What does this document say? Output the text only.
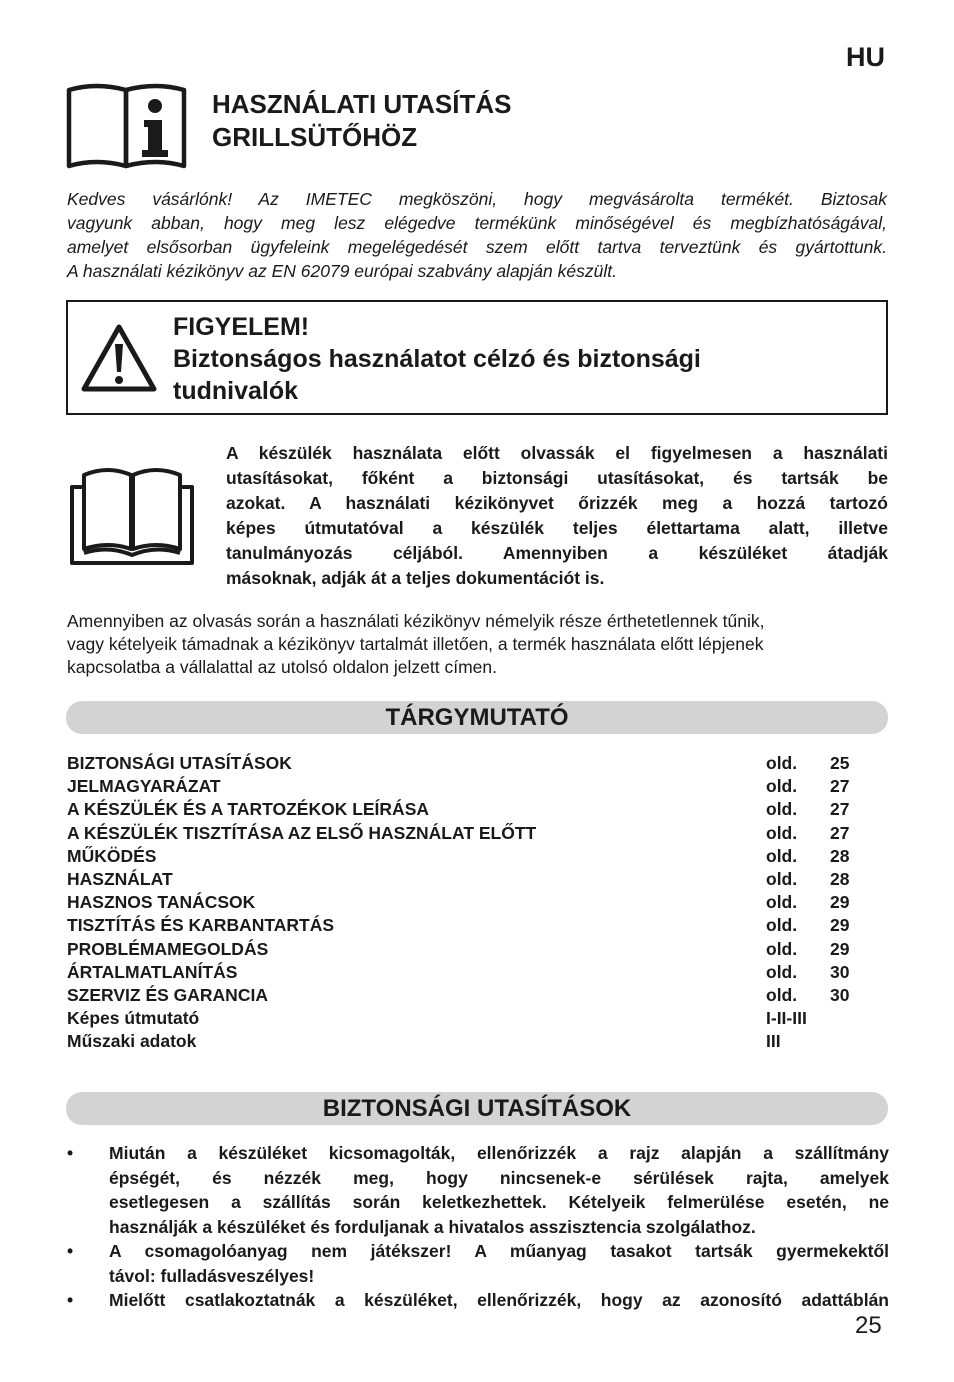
HU
HASZNÁLATI UTASÍTÁS
GRILLSÜTŐHÖZ
Kedves vásárlónk! Az IMETEC megköszöni, hogy megvásárolta termékét. Biztosak
vagyunk abban, hogy meg lesz elégedve termékünk minőségével és megbízhatóságával,
amelyet elsősorban ügyfeleink megelégedését szem előtt tartva terveztünk és gyártottunk.
A használati kézikönyv az EN 62079 európai szabvány alapján készült.
FIGYELEM!
Biztonságos használatot célzó és biztonsági
tudnivalók
A készülék használata előtt olvassák el figyelmesen a használati
utasításokat, főként a biztonsági utasításokat, és tartsák be
azokat. A használati kézikönyvet őrizzék meg a hozzá tartozó
képes útmutatóval a készülék teljes élettartama alatt, illetve
tanulmányozás céljából. Amennyiben a készüléket átadják
másoknak, adják át a teljes dokumentációt is.
Amennyiben az olvasás során a használati kézikönyv némelyik része érthetetlennek tűnik,
vagy kételyeik támadnak a kézikönyv tartalmát illetően, a termék használata előtt lépjenek
kapcsolatba a vállalattal az utolsó oldalon jelzett címen.
TÁRGYMUTATÓ
BIZTONSÁGI UTASÍTÁSOK	old. 25
JELMAGYARÁZAT	old. 27
A KÉSZÜLÉK ÉS A TARTOZÉKOK LEÍRÁSA	old. 27
A KÉSZÜLÉK TISZTÍTÁSA AZ ELSŐ HASZNÁLAT ELŐTT	old. 27
MŰKÖDÉS	old. 28
HASZNÁLAT	old. 28
HASZNOS TANÁCSOK	old. 29
TISZTÍTÁS ÉS KARBANTARTÁS	old. 29
PROBLÉMAMEGOLDÁS	old. 29
ÁRTALMATLANÍTÁS	old. 30
SZERVIZ ÉS GARANCIA	old. 30
Képes útmutató	I-II-III
Műszaki adatok	III
BIZTONSÁGI UTASÍTÁSOK
• Miután a készüléket kicsomagolták, ellenőrizzék a rajz alapján a szállítmány
épségét, és nézzék meg, hogy nincsenek-e sérülések rajta, amelyek
esetlegesen a szállítás során keletkezhettek. Kételyeik felmerülése esetén, ne
használják a készüléket és forduljanak a hivatalos asszisztencia szolgálathoz.
• A csomagolóanyag nem játékszer! A műanyag tasakot tartsák gyermekektől
távol: fulladásveszélyes!
• Mielőtt csatlakoztatnák a készüléket, ellenőrizzék, hogy az azonosító adattáblán
25
